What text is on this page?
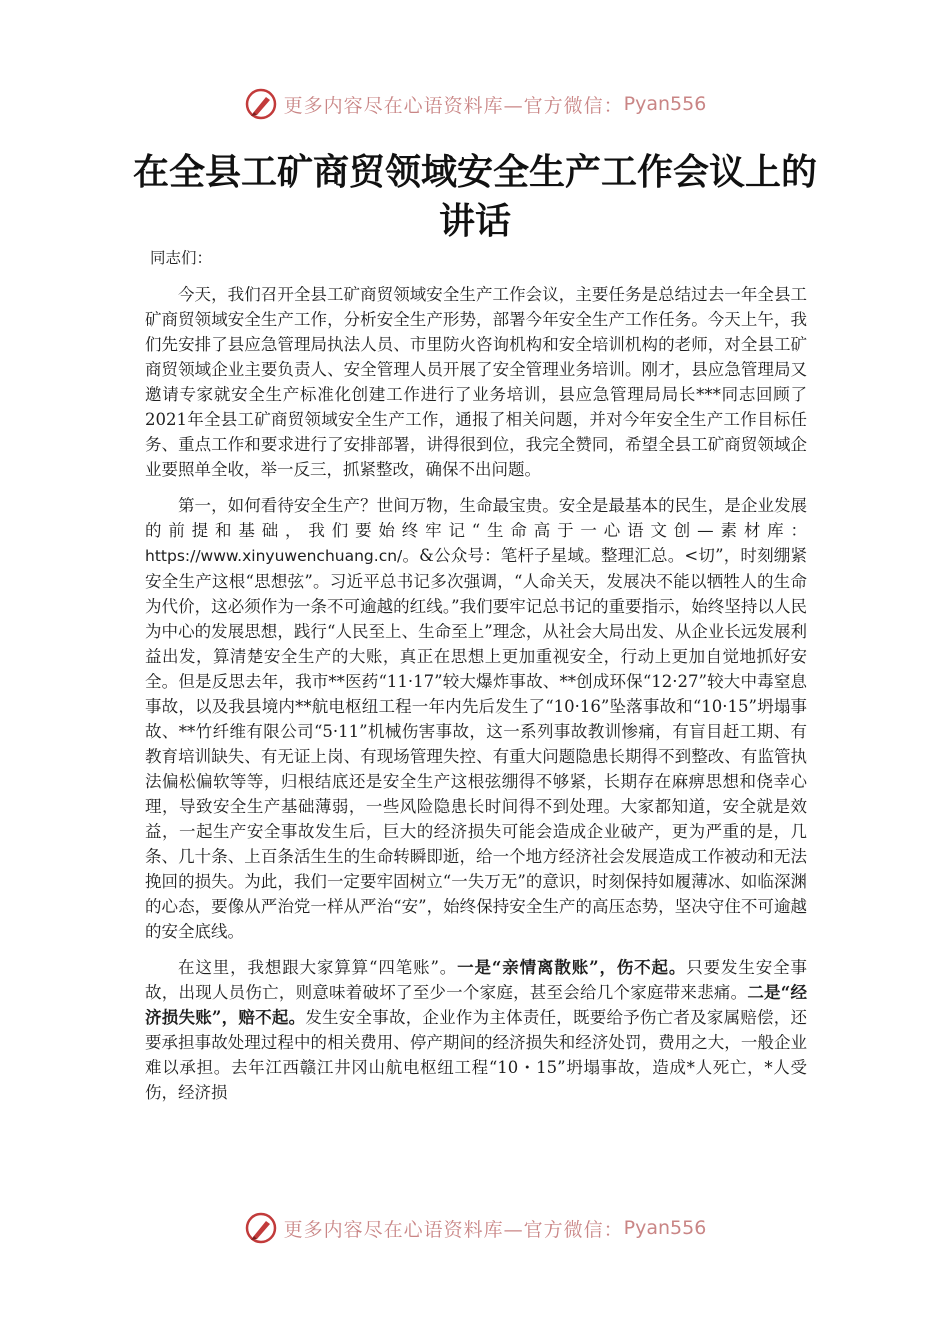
更多内容尽在心语资料库—官方微信： Pyan556
在全县工矿商贸领域安全生产工作会议上的讲话
同志们：

今天，我们召开全县工矿商贸领域安全生产工作会议，主要任务是总结过去一年全县工矿商贸领域安全生产工作，分析安全生产形势，部署今年安全生产工作任务。今天上午，我们先安排了县应急管理局执法人员、市里防火咨询机构和安全培训机构的老师，对全县工矿商贸领域企业主要负责人、安全管理人员开展了安全管理业务培训。刚才，县应急管理局又邀请专家就安全生产标准化创建工作进行了业务培训，县应急管理局局长***同志回顾了2021年全县工矿商贸领域安全生产工作，通报了相关问题，并对今年安全生产工作目标任务、重点工作和要求进行了安排部署，讲得很到位，我完全赞同，希望全县工矿商贸领域企业要照单全收，举一反三，抓紧整改，确保不出问题。

第一，如何看待安全生产？世间万物，生命最宝贵。安全是最基本的民生，是企业发展的前提和基础，我们要始终牢记“生命高于一心语文创—素材库：https://www.xinyuwenchuang.cn/。&公众号：笔杆子星域。整理汇总。<切”，时刻绷紧安全生产这根“思想弦”。习近平总书记多次强调，“人命关天，发展决不能以牺牲人的生命为代价，这必须作为一条不可逾越的红线。”我们要牢记总书记的重要指示，始终坚持以人民为中心的发展思想，践行“人民至上、生命至上”理念，从社会大局出发、从企业长远发展利益出发，算清楚安全生产的大账，真正在思想上更加重视安全，行动上更加自觉地抓好安全。但是反思去年，我市**医药“11·17”较大爆炸事故、**创成环保“12·27”较大中毒窒息事故，以及我县境内**航电枢纽工程一年内先后发生了“10·16”坠落事故和“10·15”坍塌事故、**竹纤维有限公司“5·11”机械伤害事故，这一系列事故教训惨痛，有盲目赶工期、有教育培训缺失、有无证上岗、有现场管理失控、有重大问题隐患长期得不到整改、有监管执法偏松偏软等等，归根结底还是安全生产这根弦绷得不够紧，长期存在麻痹思想和侥幸心理，导致安全生产基础薄弱，一些风险隐患长时间得不到处理。大家都知道，安全就是效益，一起生产安全事故发生后，巨大的经济损失可能会造成企业破产，更为严重的是，几条、几十条、上百条活生生的生命转瞬即逝，给一个地方经济社会发展造成工作被动和无法挽回的损失。为此，我们一定要牢固树立“一失万无”的意识，时刻保持如履薄冰、如临深渊的心态，要像从严治党一样从严治“安”，始终保持安全生产的高压态势，坚决守住不可逾越的安全底线。

在这里，我想跟大家算算“四笔账”。一是“亲情离散账”，伤不起。只要发生安全事故，出现人员伤亡，则意味着破坏了至少一个家庭，甚至会给几个家庭带来悲痛。二是“经济损失账”，赔不起。发生安全事故，企业作为主体责任，既要给予伤亡者及家属赔偿，还要承担事故处理过程中的相关费用、停产期间的经济损失和经济处罚，费用之大，一般企业难以承担。去年江西赣江井冈山航电枢纽工程“10・15”坍塌事故，造成*人死亡，*人受伤，经济损

更多内容尽在心语资料库—官方微信： Pyan556
